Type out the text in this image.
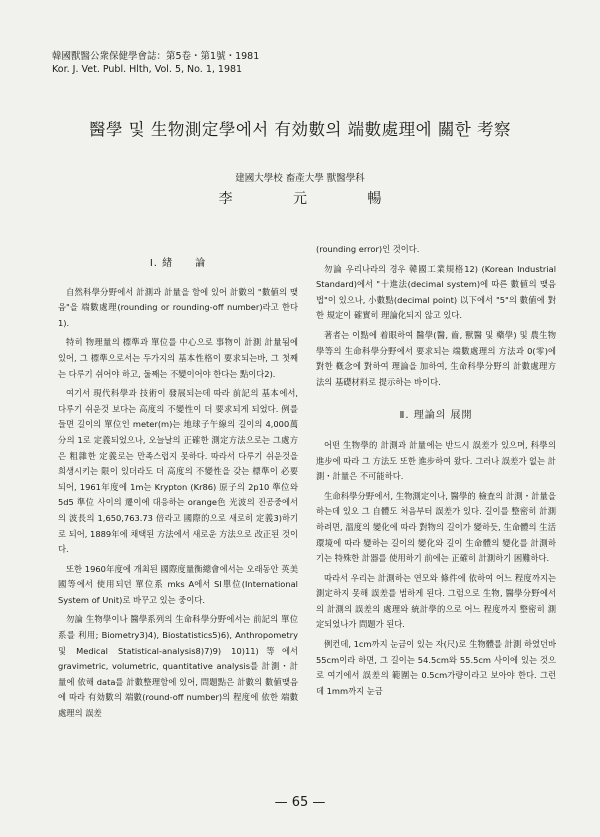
韓國獸醫公衆保健學會誌：第5卷・第1號・1981
Kor. J. Vet. Publ. Hlth, Vol. 5, No. 1, 1981
醫學 및 生物測定學에서 有効數의 端數處理에 關한 考察
建國大學校 畜產大學 獸醫學科
李 元 暢
Ⅰ. 緖　　論

自然科學分野에서 計測과 計量을 함에 있어 計數의 "數値의 맺음"을 端數處理(rounding or rounding-off number)라고 한다1).

特히 物理量의 標準과 單位를 中心으로 事物이 計測 計量됨에 있어, 그 標準으로서는 두가지의 基本性格이 要求되는바, 그 첫째는 다루기 쉬어야 하고, 둘째는 不變이어야 한다는 點이다2).

여기서 現代科學과 技術이 發展되는데 따라 前記의 基本에서, 다루기 쉬운것 보다는 高度의 不變性이 더 要求되게 되었다. 例를 들면 길이의 單位인 meter(m)는 地球子午線의 길이의 4,000萬分의 1로 定義되었으나, 오늘날의 正確한 測定方法으로는 그處方은 粗雜한 定義로는 만족스럽지 못하다. 따라서 다루기 쉬운것을 희생시키는 限이 있더라도 더 高度의 不變性을 갖는 標準이 必要되어, 1961年度에 1m는 Krypton (Kr86) 原子의 2p10 準位와 5d5 準位 사이의 遷이에 대응하는 orange色 光波의 진공중에서의 波長의 1,650,763.73 倍라고 國際的으로 새로히 定義3)하기로 되어, 1889年에 채택된 方法에서 새로운 方法으로 改正된 것이다.

또한 1960年度에 개최된 國際度量衡總會에서는 오래동안 英美國等에서 使用되던 單位系 mks A에서 SI單位(International System of Unit)로 바꾸고 있는 중이다.

勿論 生物學이나 醫學系列의 生命科學分野에서는 前記의 單位系를 利用; Biometry3)4), Biostatistics5)6), Anthropometry 및 Medical Statistical-analysis8)7)9) 10)11)等에서 gravimetric, volumetric, quantitative analysis를 計測・計量에 依해 data를 計數整理함에 있어, 問題點은 計數의 數値맺음에 따라 有効數의 端數(round-off number)의 程度에 依한 端數處理의 誤差

(rounding error)인 것이다.

勿論 우리나라의 경우 韓國工業規格12) (Korean Industrial Standard)에서 "十進法(decimal system)에 따른 數値의 맺음법"이 있으나, 小數點(decimal point) 以下에서 "5"의 數値에 對한 規定이 確實히 理論化되지 않고 있다.

著者는 이點에 着眼하여 醫學(醫, 齒, 獸醫 및 藥學) 및 農生物學等의 生命科學分野에서 要求되는 端數處理의 方法과 0(零)에 對한 槪念에 對하여 理論을 加하여, 生命科學分野의 計數處理方法의 基礎材料로 提示하는 바이다.

Ⅱ. 理論의 展開

어떤 生物學的 計測과 計量에는 반드시 誤差가 있으며, 科學의 進步에 따라 그 方法도 또한 進步하여 왔다. 그러나 誤差가 없는 計測・計量은 不可能하다.

生命科學分野에서, 生物測定이나, 醫學的 檢査의 計測・計量을 하는데 있오 그 自體도 처음부터 誤差가 있다. 길이를 整密히 計測하려면, 溫度의 變化에 따라 對物의 길이가 變하듯, 生命體의 生活環境에 따라 變하는 길이의 變化와 길이 生命體의 變化를 計測하기는 特殊한 計器를 使用하기 前에는 正確히 計測하기 困難하다.

따라서 우리는 計測하는 연모와 條件에 依하여 어느 程度까지는 測定하지 못해 誤差를 범하게 된다. 그럼으로 生物, 醫學分野에서의 計測의 誤差의 處理와 統計學的으로 어느 程度까지 整密히 測定되었나가 問題가 된다.

例컨데, 1cm까지 눈금이 있는 자(尺)로 生物體를 計測 하였던바 55cm이라 하면, 그 길이는 54.5cm와 55.5cm 사이에 있는 것으로 여기에서 誤差의 範圍는 0.5cm가량이라고 보아야 한다. 그런데 1mm까지 눈금

— 65 —
